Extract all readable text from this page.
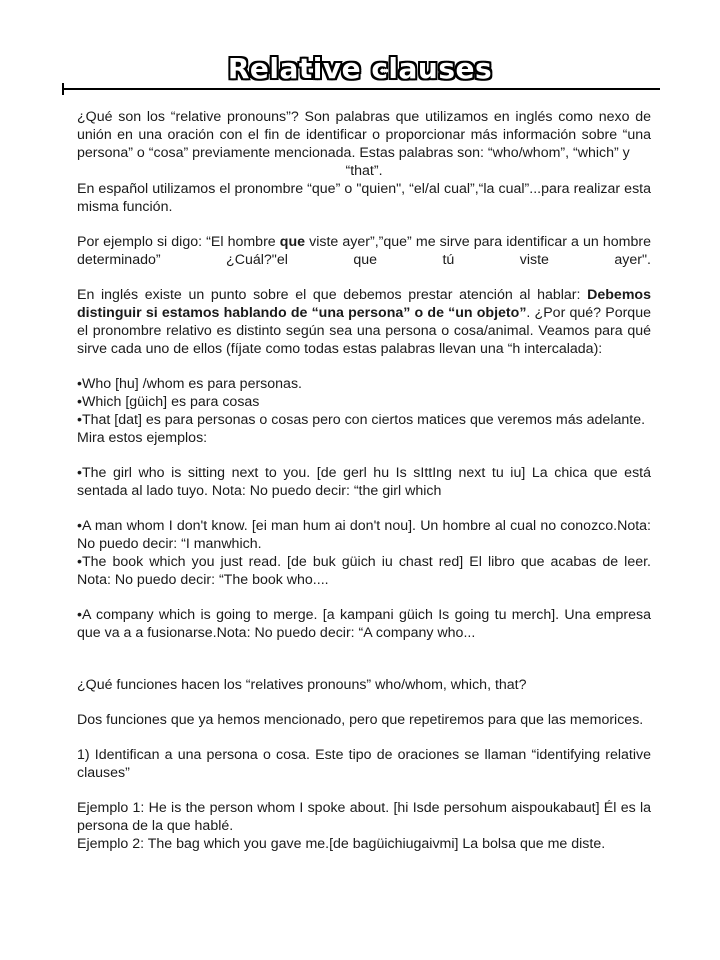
Relative clauses

¿Qué son los “relative pronouns”? Son palabras que utilizamos en inglés como nexo de unión en una oración con el fin de identificar o proporcionar más información sobre “una persona” o “cosa” previamente mencionada. Estas palabras son: “who/whom”, “which” y

“that”.

En español utilizamos el pronombre “que” o "quien", “el/al cual”,“la cual”...para realizar esta misma función.

Por ejemplo si digo: “El hombre que viste ayer”,”que” me sirve para identificar a un hombre determinado” ¿Cuál?"el que tú viste ayer".

En inglés existe un punto sobre el que debemos prestar atención al hablar: Debemos distinguir si estamos hablando de “una persona” o de “un objeto”. ¿Por qué? Porque el pronombre relativo es distinto según sea una persona o cosa/animal. Veamos para qué sirve cada uno de ellos (fíjate como todas estas palabras llevan una “h intercalada):

•Who [hu] /whom es para personas.

•Which [güich] es para cosas

•That [dat] es para personas o cosas pero con ciertos matices que veremos más adelante.

Mira estos ejemplos:

•The girl who is sitting next to you. [de gerl hu Is sIttIng next tu iu] La chica que está sentada al lado tuyo. Nota: No puedo decir: “the girl which

•A man whom I don't know. [ei man hum ai don't nou]. Un hombre al cual no conozco.Nota: No puedo decir: “I manwhich.

•The book which you just read. [de buk güich iu chast red] El libro que acabas de leer. Nota: No puedo decir: “The book who....

•A company which is going to merge. [a kampani güich Is going tu merch]. Una empresa que va a a fusionarse.Nota: No puedo decir: “A company who...

¿Qué funciones hacen los “relatives pronouns” who/whom, which, that?

Dos funciones que ya hemos mencionado, pero que repetiremos para que las memorices.

1) Identifican a una persona o cosa. Este tipo de oraciones se llaman “identifying relative clauses”

Ejemplo 1: He is the person whom I spoke about. [hi Isde persohum aispoukabaut] Él es la persona de la que hablé.

Ejemplo 2: The bag which you gave me.[de bagüichiugaivmi] La bolsa que me diste.
